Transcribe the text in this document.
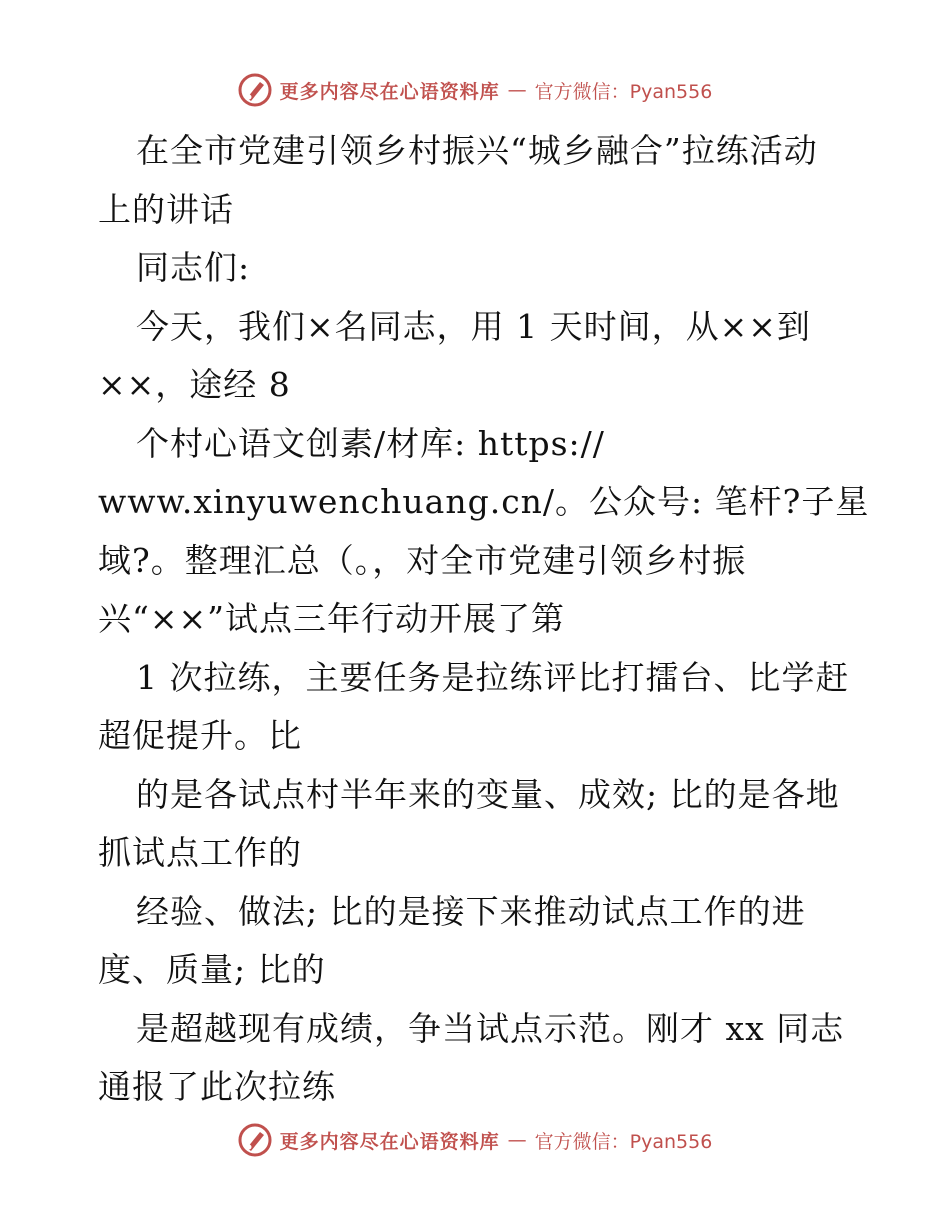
更多内容尽在心语资料库 — 官方微信：Pyan556
在全市党建引领乡村振兴“城乡融合”拉练活动
上的讲话
同志们:
今天，我们×名同志，用 1 天时间，从××到
××，途经 8
个村心语文创素/材库: https://
www.xinyuwenchuang.cn/。公众号: 笔杆?子星
域?。整理汇总（。，对全市党建引领乡村振
兴“××”试点三年行动开展了第
1 次拉练，主要任务是拉练评比打擂台、比学赶
超促提升。比
的是各试点村半年来的变量、成效; 比的是各地
抓试点工作的
经验、做法; 比的是接下来推动试点工作的进
度、质量; 比的
是超越现有成绩，争当试点示范。刚才 xx 同志
通报了此次拉练
更多内容尽在心语资料库 — 官方微信：Pyan556
